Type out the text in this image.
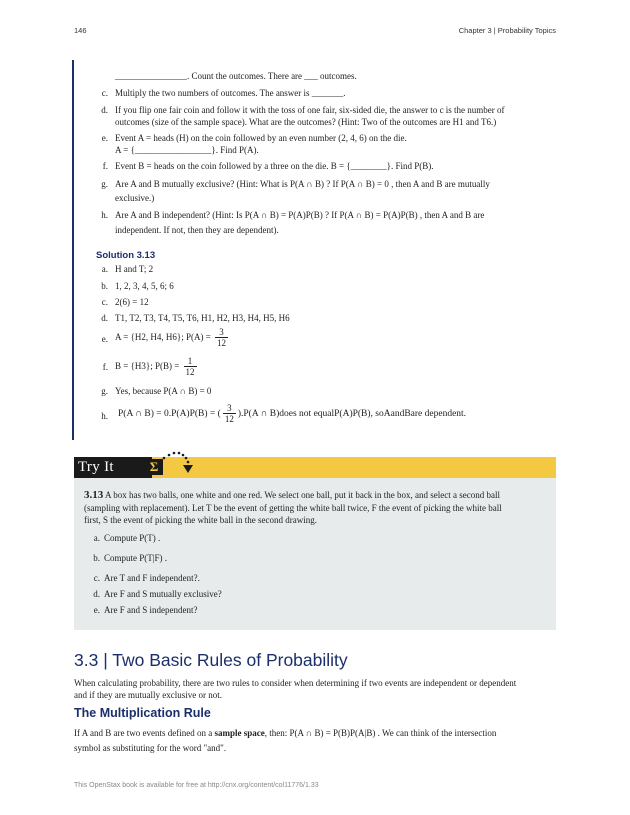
146	Chapter 3 | Probability Topics
________________. Count the outcomes. There are ___ outcomes.
c. Multiply the two numbers of outcomes. The answer is _______.
d. If you flip one fair coin and follow it with the toss of one fair, six-sided die, the answer to c is the number of
outcomes (size of the sample space). What are the outcomes? (Hint: Two of the outcomes are H1 and T6.)
e. Event A = heads (H) on the coin followed by an even number (2, 4, 6) on the die.
A = {_________________}. Find P(A).
f. Event B = heads on the coin followed by a three on the die. B = {________}. Find P(B).
g. Are A and B mutually exclusive? (Hint: What is P(A ∩ B) ? If P(A ∩ B) = 0 , then A and B are mutually
exclusive.)
h. Are A and B independent? (Hint: Is P(A ∩ B) = P(A)P(B) ? If P(A ∩ B) = P(A)P(B) , then A and B are
independent. If not, then they are dependent).
Solution 3.13
a. H and T; 2
b. 1, 2, 3, 4, 5, 6; 6
c. 2(6) = 12
d. T1, T2, T3, T4, T5, T6, H1, H2, H3, H4, H5, H6
e. A = {H2, H4, H6}; $P(A) = \frac{3}{12}$
f. B = {H3}; $P(B) = \frac{1}{12}$
g. Yes, because P(A ∩ B) = 0
h. P(A ∩ B) = 0.P(A)P(B) = ( $\frac{3}{12} ).P(A$ ∩ B)does not equalP(A)P(B), soAandBare dependent.
Try It	Σ
3.13 A box has two balls, one white and one red. We select one ball, put it back in the box, and select a second ball
(sampling with replacement). Let T be the event of getting the white ball twice, F the event of picking the white ball
first, S the event of picking the white ball in the second drawing.
a. Compute P(T) .
b. Compute P(T|F) .
c. Are T and F independent?.
d. Are F and S mutually exclusive?
e. Are F and S independent?
3.3 | Two Basic Rules of Probability
When calculating probability, there are two rules to consider when determining if two events are independent or dependent
and if they are mutually exclusive or not.
The Multiplication Rule
If A and B are two events defined on a sample space, then: P(A ∩ B) = P(B)P(A|B) . We can think of the intersection
symbol as substituting for the word "and".
This OpenStax book is available for free at http://cnx.org/content/col11776/1.33
